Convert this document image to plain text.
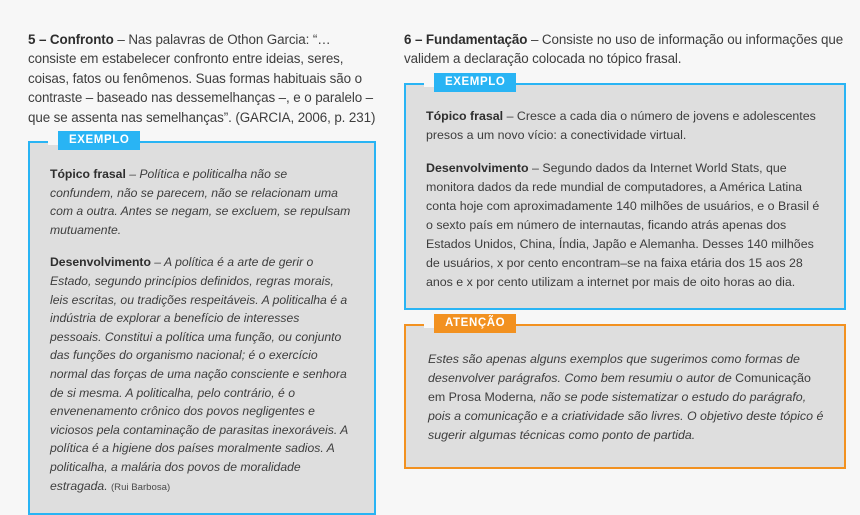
5 – Confronto – Nas palavras de Othon Garcia: “…consiste em estabelecer confronto entre ideias, seres, coisas, fatos ou fenômenos. Suas formas habituais são o contraste – baseado nas dessemelhanças –, e o paralelo – que se assenta nas semelhanças”. (GARCIA, 2006, p. 231)

EXEMPLO

Tópico frasal – Política e politicalha não se confundem, não se parecem, não se relacionam uma com a outra. Antes se negam, se excluem, se repulsam mutuamente.

Desenvolvimento – A política é a arte de gerir o Estado, segundo princípios definidos, regras morais, leis escritas, ou tradições respeitáveis. A politicalha é a indústria de explorar a benefício de interesses pessoais. Constitui a política uma função, ou conjunto das funções do organismo nacional; é o exercício normal das forças de uma nação consciente e senhora de si mesma. A politicalha, pelo contrário, é o envenenamento crônico dos povos negligentes e viciosos pela contaminação de parasitas inexoráveis. A política é a higiene dos países moralmente sadios. A politicalha, a malária dos povos de moralidade estragada. (Rui Barbosa)

6 – Fundamentação – Consiste no uso de informação ou informações que validem a declaração colocada no tópico frasal.

EXEMPLO

Tópico frasal – Cresce a cada dia o número de jovens e adolescentes presos a um novo vício: a conectividade virtual.

Desenvolvimento – Segundo dados da Internet World Stats, que monitora dados da rede mundial de computadores, a América Latina conta hoje com aproximadamente 140 milhões de usuários, e o Brasil é o sexto país em número de internautas, ficando atrás apenas dos Estados Unidos, China, Índia, Japão e Alemanha. Desses 140 milhões de usuários, x por cento encontram–se na faixa etária dos 15 aos 28 anos e x por cento utilizam a internet por mais de oito horas ao dia.

ATENÇÃO

Estes são apenas alguns exemplos que sugerimos como formas de desenvolver parágrafos. Como bem resumiu o autor de Comunicação em Prosa Moderna, não se pode sistematizar o estudo do parágrafo, pois a comunicação e a criatividade são livres. O objetivo deste tópico é sugerir algumas técnicas como ponto de partida.
